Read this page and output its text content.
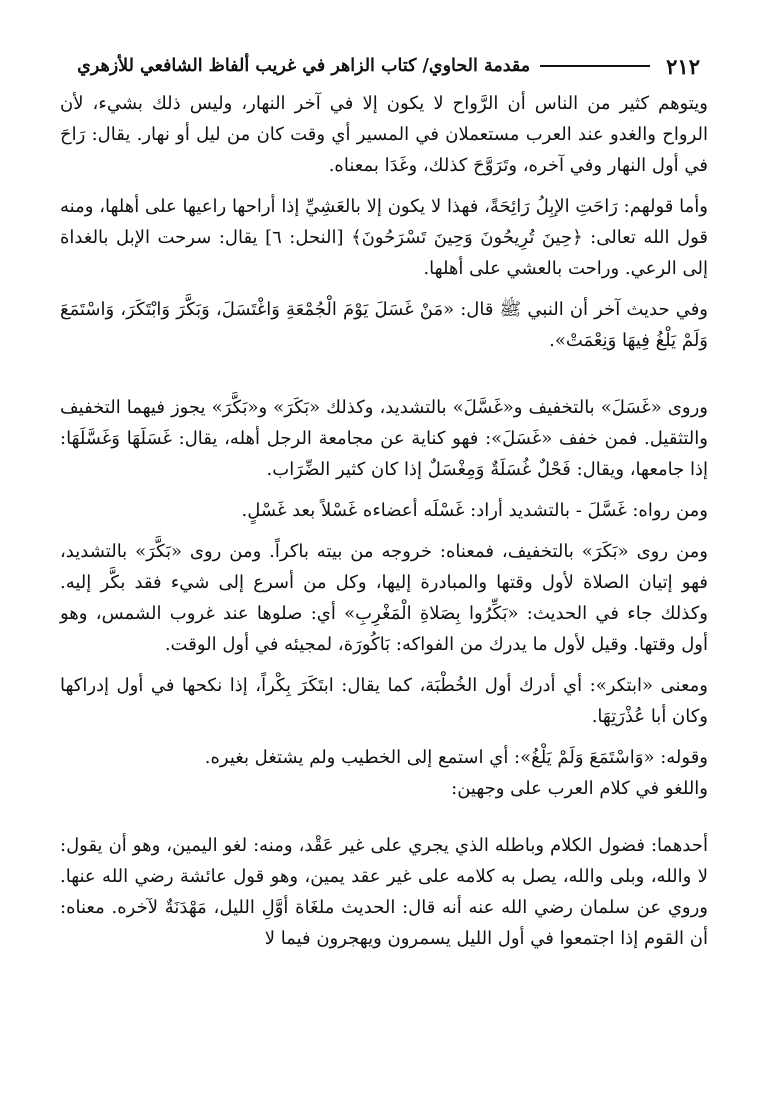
٢١٢
مقدمة الحاوي/ كتاب الزاهر في غريب ألفاظ الشافعي للأزهري

ويتوهم كثير من الناس أن الرَّواح لا يكون إلا في آخر النهار، وليس ذلك بشيء، لأن الرواح والغدو عند العرب مستعملان في المسير أي وقت كان من ليل أو نهار. يقال: رَاحَ في أول النهار وفي آخره، وتَرَوَّحَ كذلك، وغَدَا بمعناه.

وأما قولهم: رَاحَتِ الإبِلُ رَائِحَةً، فهذا لا يكون إلا بالعَشِيِّ إذا أراحها راعيها على أهلها، ومنه قول الله تعالى: ﴿حِينَ تُرِيحُونَ وَحِينَ تَسْرَحُونَ﴾ [النحل: ٦] يقال: سرحت الإبل بالغداة إلى الرعي. وراحت بالعشي على أهلها.

وفي حديث آخر أن النبي ﷺ قال: «مَنْ غَسَلَ يَوْمَ الْجُمْعَةِ وَاغْتَسَلَ، وَبَكَّرَ وَابْتَكَرَ، وَاسْتَمَعَ وَلَمْ يَلْغُ فِيهَا وَنِعْمَتْ».

وروى «غَسَلَ» بالتخفيف و«غَسَّلَ» بالتشديد، وكذلك «بَكَرَ» و«بَكَّرَ» يجوز فيهما التخفيف والتثقيل. فمن خفف «غَسَلَ»: فهو كناية عن مجامعة الرجل أهله، يقال: غَسَلَهَا وَغَسَّلَهَا: إذا جامعها، ويقال: فَحْلٌ غُسَلَةٌ وَمِغْسَلٌ إذا كان كثير الضِّرَاب.

ومن رواه: غَسَّلَ - بالتشديد أراد: غَسْلَه أعضاءه غَسْلاً بعد غَسْلٍ.

ومن روى «بَكَرَ» بالتخفيف، فمعناه: خروجه من بيته باكراً. ومن روى «بَكَّرَ» بالتشديد، فهو إتيان الصلاة لأول وقتها والمبادرة إليها، وكل من أسرع إلى شيء فقد بكَّر إليه. وكذلك جاء في الحديث: «بَكِّرُوا بِصَلاةِ الْمَغْرِبِ» أي: صلوها عند غروب الشمس، وهو أول وقتها. وقيل لأول ما يدرك من الفواكه: بَاكُورَة، لمجيئه في أول الوقت.

ومعنى «ابتكر»: أي أدرك أول الخُطْبَة، كما يقال: ابتَكَرَ بِكْراً، إذا نكحها في أول إدراكها وكان أبا عُذْرَتِهَا.

وقوله: «وَاسْتَمَعَ وَلَمْ يَلْغُ»: أي استمع إلى الخطيب ولم يشتغل بغيره.

واللغو في كلام العرب على وجهين:

أحدهما: فضول الكلام وباطله الذي يجري على غير عَقْد، ومنه: لغو اليمين، وهو أن يقول: لا والله، وبلى والله، يصل به كلامه على غير عقد يمين، وهو قول عائشة رضي الله عنها. وروي عن سلمان رضي الله عنه أنه قال: الحديث ملغَاة أوَّلِ الليل، مَهْدَنَةٌ لآخره. معناه: أن القوم إذا اجتمعوا في أول الليل يسمرون ويهجرون فيما لا
